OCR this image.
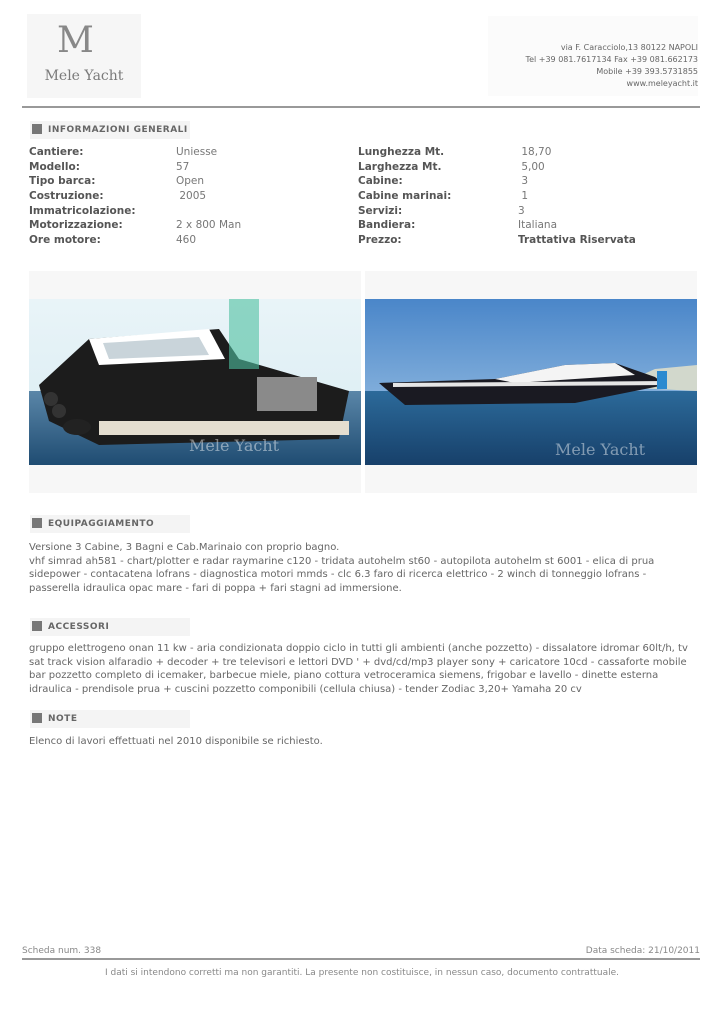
M
Mele Yacht
via F. Caracciolo,13 80122 NAPOLI
Tel +39 081.7617134 Fax +39 081.662173
Mobile +39 393.5731855
www.meleyacht.it
INFORMAZIONI GENERALI
Cantiere:	Uniesse
Modello:	57
Tipo barca:	Open
Costruzione:	2005
Immatricolazione:
Motorizzazione:	2 x 800 Man
Ore motore:	460
Lunghezza Mt.	18,70
Larghezza Mt.	5,00
Cabine:	3
Cabine marinai:	1
Servizi:	3
Bandiera:	Italiana
Prezzo:	Trattativa Riservata
Mele Yacht	Mele Yacht
EQUIPAGGIAMENTO
Versione 3 Cabine, 3 Bagni e Cab.Marinaio con proprio bagno.
vhf simrad ah581 - chart/plotter e radar raymarine c120 - tridata autohelm st60 - autopilota autohelm st 6001 - elica di prua sidepower - contacatena lofrans - diagnostica motori mmds - clc 6.3 faro di ricerca elettrico - 2 winch di tonneggio lofrans - passerella idraulica opac mare - fari di poppa + fari stagni ad immersione.
ACCESSORI
gruppo elettrogeno onan 11 kw - aria condizionata doppio ciclo in tutti gli ambienti (anche pozzetto) - dissalatore idromar 60lt/h, tv sat track vision alfaradio + decoder + tre televisori e lettori DVD ' + dvd/cd/mp3 player sony + caricatore 10cd - cassaforte mobile bar pozzetto completo di icemaker, barbecue miele, piano cottura vetroceramica siemens, frigobar e lavello - dinette esterna idraulica - prendisole prua + cuscini pozzetto componibili (cellula chiusa) - tender Zodiac 3,20+ Yamaha 20 cv
NOTE
Elenco di lavori effettuati nel 2010 disponibile se richiesto.
Scheda num. 338	Data scheda: 21/10/2011
I dati si intendono corretti ma non garantiti. La presente non costituisce, in nessun caso, documento contrattuale.
